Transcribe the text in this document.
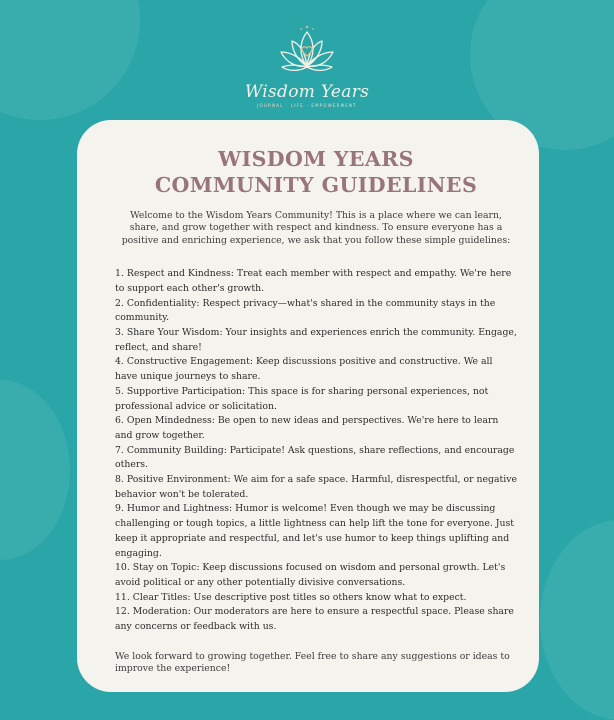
Wisdom Years
JOURNAL · LIFE · EMPOWERMENT
WISDOM YEARS
COMMUNITY GUIDELINES

Welcome to the Wisdom Years Community! This is a place where we can learn, share, and grow together with respect and kindness. To ensure everyone has a positive and enriching experience, we ask that you follow these simple guidelines:

1. Respect and Kindness: Treat each member with respect and empathy. We're here to support each other's growth.
2. Confidentiality: Respect privacy—what's shared in the community stays in the community.
3. Share Your Wisdom: Your insights and experiences enrich the community. Engage, reflect, and share!
4. Constructive Engagement: Keep discussions positive and constructive. We all have unique journeys to share.
5. Supportive Participation: This space is for sharing personal experiences, not professional advice or solicitation.
6. Open Mindedness: Be open to new ideas and perspectives. We're here to learn and grow together.
7. Community Building: Participate! Ask questions, share reflections, and encourage others.
8. Positive Environment: We aim for a safe space. Harmful, disrespectful, or negative behavior won't be tolerated.
9. Humor and Lightness: Humor is welcome! Even though we may be discussing challenging or tough topics, a little lightness can help lift the tone for everyone. Just keep it appropriate and respectful, and let's use humor to keep things uplifting and engaging.
10. Stay on Topic: Keep discussions focused on wisdom and personal growth. Let's avoid political or any other potentially divisive conversations.
11. Clear Titles: Use descriptive post titles so others know what to expect.
12. Moderation: Our moderators are here to ensure a respectful space. Please share any concerns or feedback with us.

We look forward to growing together. Feel free to share any suggestions or ideas to improve the experience!
